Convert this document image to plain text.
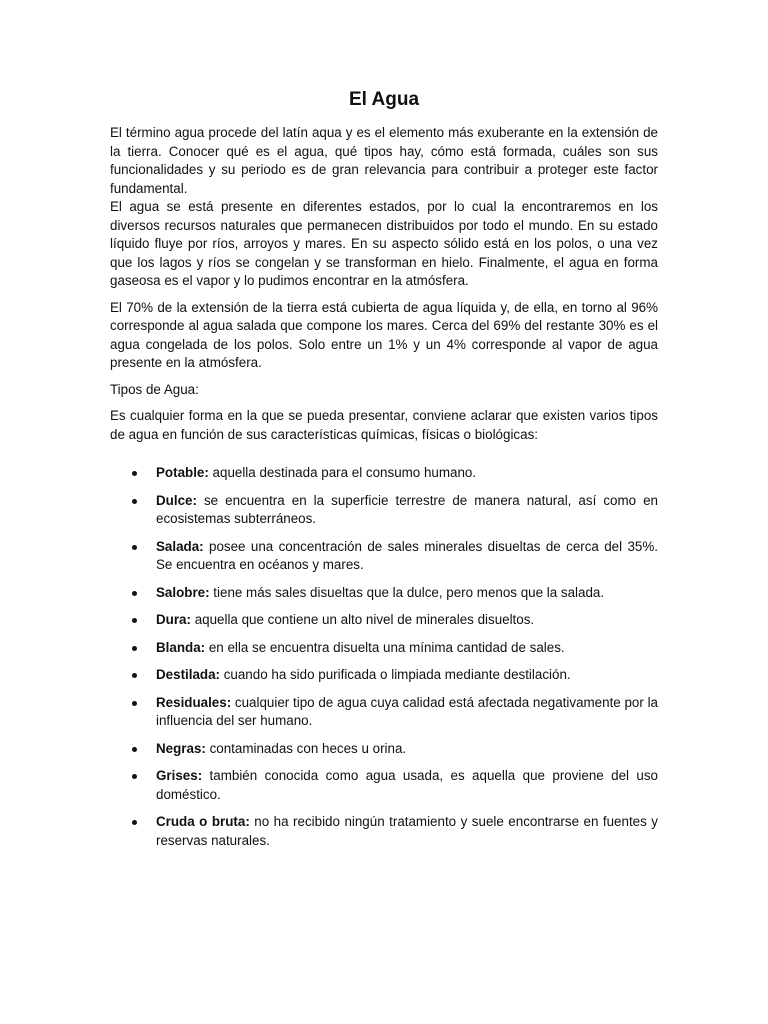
El Agua

El término agua procede del latín aqua y es el elemento más exuberante en la extensión de la tierra. Conocer qué es el agua, qué tipos hay, cómo está formada, cuáles son sus funcionalidades y su periodo es de gran relevancia para contribuir a proteger este factor fundamental.

El agua se está presente en diferentes estados, por lo cual la encontraremos en los diversos recursos naturales que permanecen distribuidos por todo el mundo. En su estado líquido fluye por ríos, arroyos y mares. En su aspecto sólido está en los polos, o una vez que los lagos y ríos se congelan y se transforman en hielo. Finalmente, el agua en forma gaseosa es el vapor y lo pudimos encontrar en la atmósfera.

El 70% de la extensión de la tierra está cubierta de agua líquida y, de ella, en torno al 96% corresponde al agua salada que compone los mares. Cerca del 69% del restante 30% es el agua congelada de los polos. Solo entre un 1% y un 4% corresponde al vapor de agua presente en la atmósfera.

Tipos de Agua:

Es cualquier forma en la que se pueda presentar, conviene aclarar que existen varios tipos de agua en función de sus características químicas, físicas o biológicas:

Potable: aquella destinada para el consumo humano.
Dulce: se encuentra en la superficie terrestre de manera natural, así como en ecosistemas subterráneos.
Salada: posee una concentración de sales minerales disueltas de cerca del 35%. Se encuentra en océanos y mares.
Salobre: tiene más sales disueltas que la dulce, pero menos que la salada.
Dura: aquella que contiene un alto nivel de minerales disueltos.
Blanda: en ella se encuentra disuelta una mínima cantidad de sales.
Destilada: cuando ha sido purificada o limpiada mediante destilación.
Residuales: cualquier tipo de agua cuya calidad está afectada negativamente por la influencia del ser humano.
Negras: contaminadas con heces u orina.
Grises: también conocida como agua usada, es aquella que proviene del uso doméstico.
Cruda o bruta: no ha recibido ningún tratamiento y suele encontrarse en fuentes y reservas naturales.
